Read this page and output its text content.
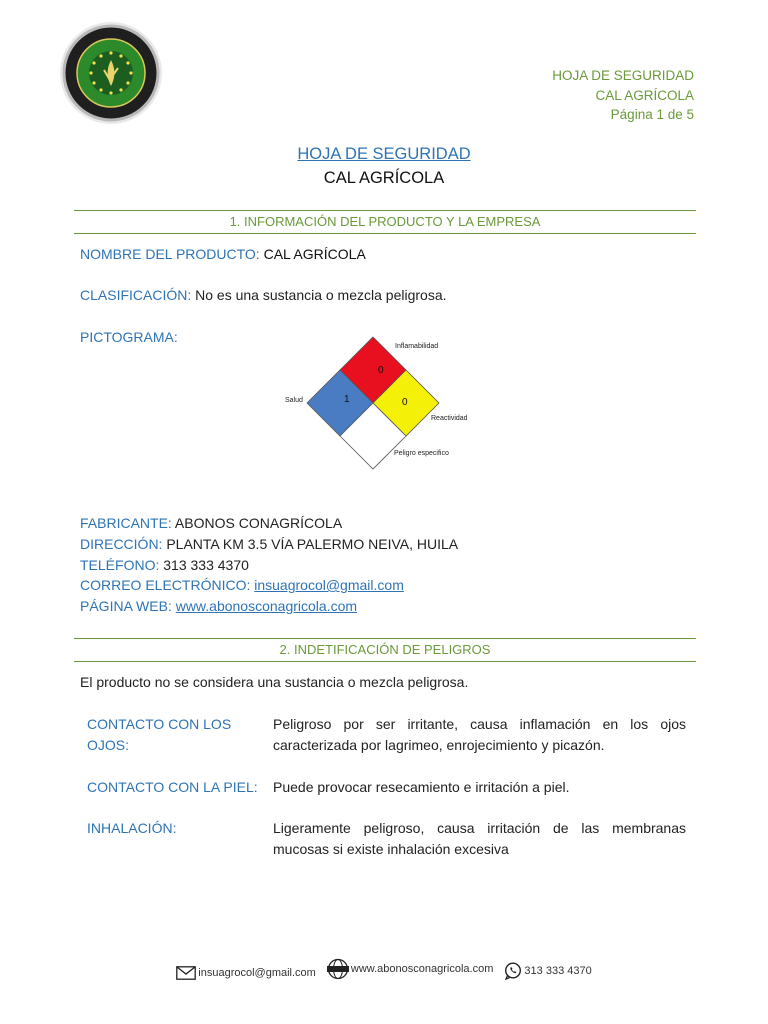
HOJA DE SEGURIDAD
CAL AGRÍCOLA
Página 1 de 5
HOJA DE SEGURIDAD
CAL AGRÍCOLA
1. INFORMACIÓN DEL PRODUCTO Y LA EMPRESA
NOMBRE DEL PRODUCTO: CAL AGRÍCOLA
CLASIFICACIÓN: No es una sustancia o mezcla peligrosa.
PICTOGRAMA:
0
1	0
Inflamabilidad
Salud
Reactividad
Peligro especifico
FABRICANTE: ABONOS CONAGRÍCOLA
DIRECCIÓN: PLANTA KM 3.5 VÍA PALERMO NEIVA, HUILA
TELÉFONO: 313 333 4370
CORREO ELECTRÓNICO: insuagrocol@gmail.com
PÁGINA WEB: www.abonosconagricola.com
2. INDETIFICACIÓN DE PELIGROS
El producto no se considera una sustancia o mezcla peligrosa.
CONTACTO CON LOS OJOS:
Peligroso por ser irritante, causa inflamación en los ojos caracterizada por lagrimeo, enrojecimiento y picazón.
CONTACTO CON LA PIEL:	Puede provocar resecamiento e irritación a piel.
INHALACIÓN:	Ligeramente peligroso, causa irritación de las membranas mucosas si existe inhalación excesiva
insuagrocol@gmail.com
	www.abonosconagricola.com
	313 333 4370
